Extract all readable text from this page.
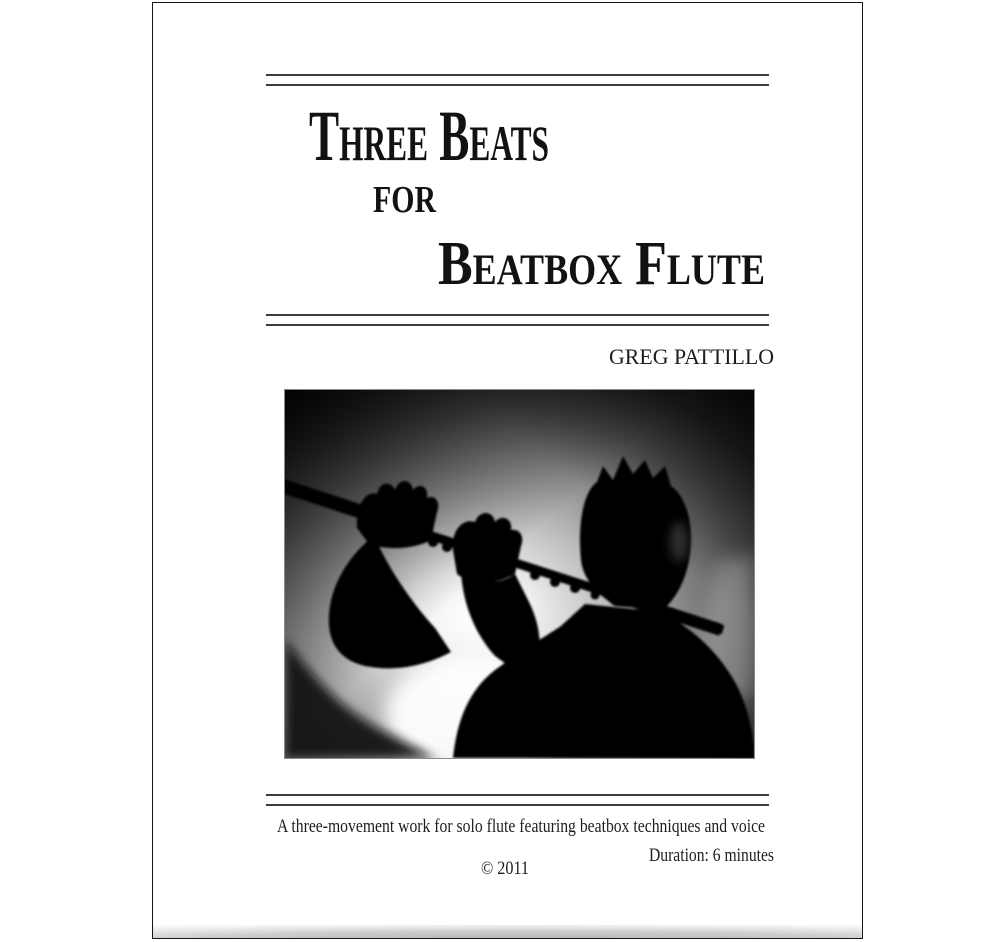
Three Beats
for
Beatbox Flute
GREG PATTILLO
A three-movement work for solo flute featuring beatbox techniques and voice
Duration: 6 minutes
© 2011
